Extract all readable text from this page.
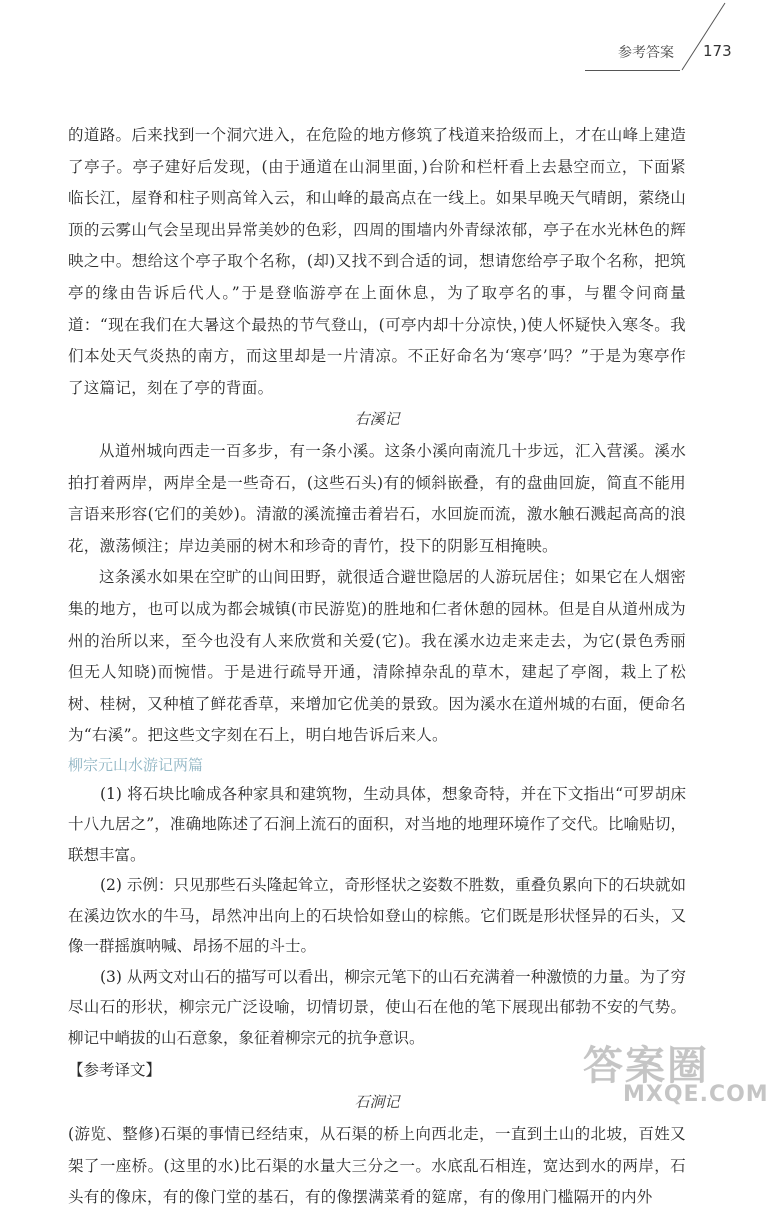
参考答案 173

的道路。后来找到一个洞穴进入，在危险的地方修筑了栈道来拾级而上，才在山峰上建造了亭子。亭子建好后发现，(由于通道在山洞里面，)台阶和栏杆看上去悬空而立，下面紧临长江，屋脊和柱子则高耸入云，和山峰的最高点在一线上。如果早晚天气晴朗，萦绕山顶的云雾山气会呈现出异常美妙的色彩，四周的围墙内外青绿浓郁，亭子在水光林色的辉映之中。想给这个亭子取个名称，(却)又找不到合适的词，想请您给亭子取个名称，把筑亭的缘由告诉后代人。”于是登临游亭在上面休息，为了取亭名的事，与瞿令问商量道：“现在我们在大暑这个最热的节气登山，(可亭内却十分凉快，)使人怀疑快入寒冬。我们本处天气炎热的南方，而这里却是一片清凉。不正好命名为‘寒亭’吗？”于是为寒亭作了这篇记，刻在了亭的背面。

右溪记

从道州城向西走一百多步，有一条小溪。这条小溪向南流几十步远，汇入营溪。溪水拍打着两岸，两岸全是一些奇石，(这些石头)有的倾斜嵌叠，有的盘曲回旋，简直不能用言语来形容(它们的美妙)。清澈的溪流撞击着岩石，水回旋而流，激水触石溅起高高的浪花，激荡倾注；岸边美丽的树木和珍奇的青竹，投下的阴影互相掩映。

这条溪水如果在空旷的山间田野，就很适合避世隐居的人游玩居住；如果它在人烟密集的地方，也可以成为都会城镇(市民游览)的胜地和仁者休憩的园林。但是自从道州成为州的治所以来，至今也没有人来欣赏和关爱(它)。我在溪水边走来走去，为它(景色秀丽但无人知晓)而惋惜。于是进行疏导开通，清除掉杂乱的草木，建起了亭阁，栽上了松树、桂树，又种植了鲜花香草，来增加它优美的景致。因为溪水在道州城的右面，便命名为“右溪”。把这些文字刻在石上，明白地告诉后来人。

柳宗元山水游记两篇

(1) 将石块比喻成各种家具和建筑物，生动具体，想象奇特，并在下文指出“可罗胡床十八九居之”，准确地陈述了石涧上流石的面积，对当地的地理环境作了交代。比喻贴切，联想丰富。

(2) 示例：只见那些石头隆起耸立，奇形怪状之姿数不胜数，重叠负累向下的石块就如在溪边饮水的牛马，昂然冲出向上的石块恰如登山的棕熊。它们既是形状怪异的石头，又像一群摇旗呐喊、昂扬不屈的斗士。

(3) 从两文对山石的描写可以看出，柳宗元笔下的山石充满着一种激愤的力量。为了穷尽山石的形状，柳宗元广泛设喻，切情切景，使山石在他的笔下展现出郁勃不安的气势。柳记中峭拔的山石意象，象征着柳宗元的抗争意识。

【参考译文】

石涧记

(游览、整修)石渠的事情已经结束，从石渠的桥上向西北走，一直到土山的北坡，百姓又架了一座桥。(这里的水)比石渠的水量大三分之一。水底乱石相连，宽达到水的两岸，石头有的像床，有的像门堂的基石，有的像摆满菜肴的筵席，有的像用门槛隔开的内外

答案圈
MXQE.COM
